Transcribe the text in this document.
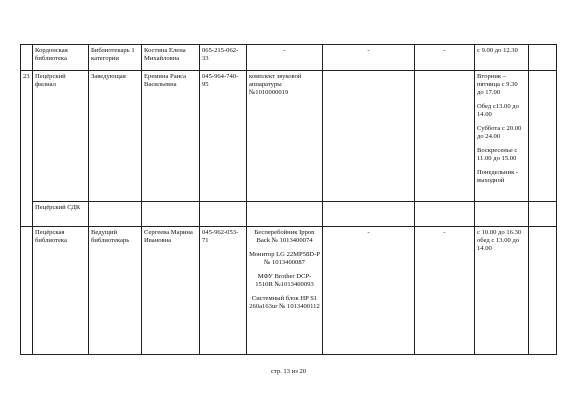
	Кордонская библиотека	Библиотекарь 1 категории	Костина Елена Михайловна	065-215-062-33	-	-	-	с 9.00 до 12.30	

23	Пецёрский филиал	Заведующая	Еремина Раиса Васильевна	045-964-740-95	комплект звуковой аппаратуры №1010000019			Вторник – пятница с 9.30 до 17.00
Обед с13.00 до 14.00
Суббота с 20.00 до 24.00
Воскресенье с 11.00 до 15.00
Понедельник - выходной	

	Пецёрский СДК								
	Пецёрская библиотека	Ведущий библиотекарь	Сергеева Марина Ивановна	045-962-053-71	Бесперебойник Ippon Back № 1013400074
Монитор LG 22MP58D-P № 1013400087
МФУ Brother DCP-1510R №1013400093
Системный блок HP S1 260a163ur № 1013400112	-	-	с 10.00 до 16.30 обед с 13.00 до 14.00	

стр. 13 из 20
